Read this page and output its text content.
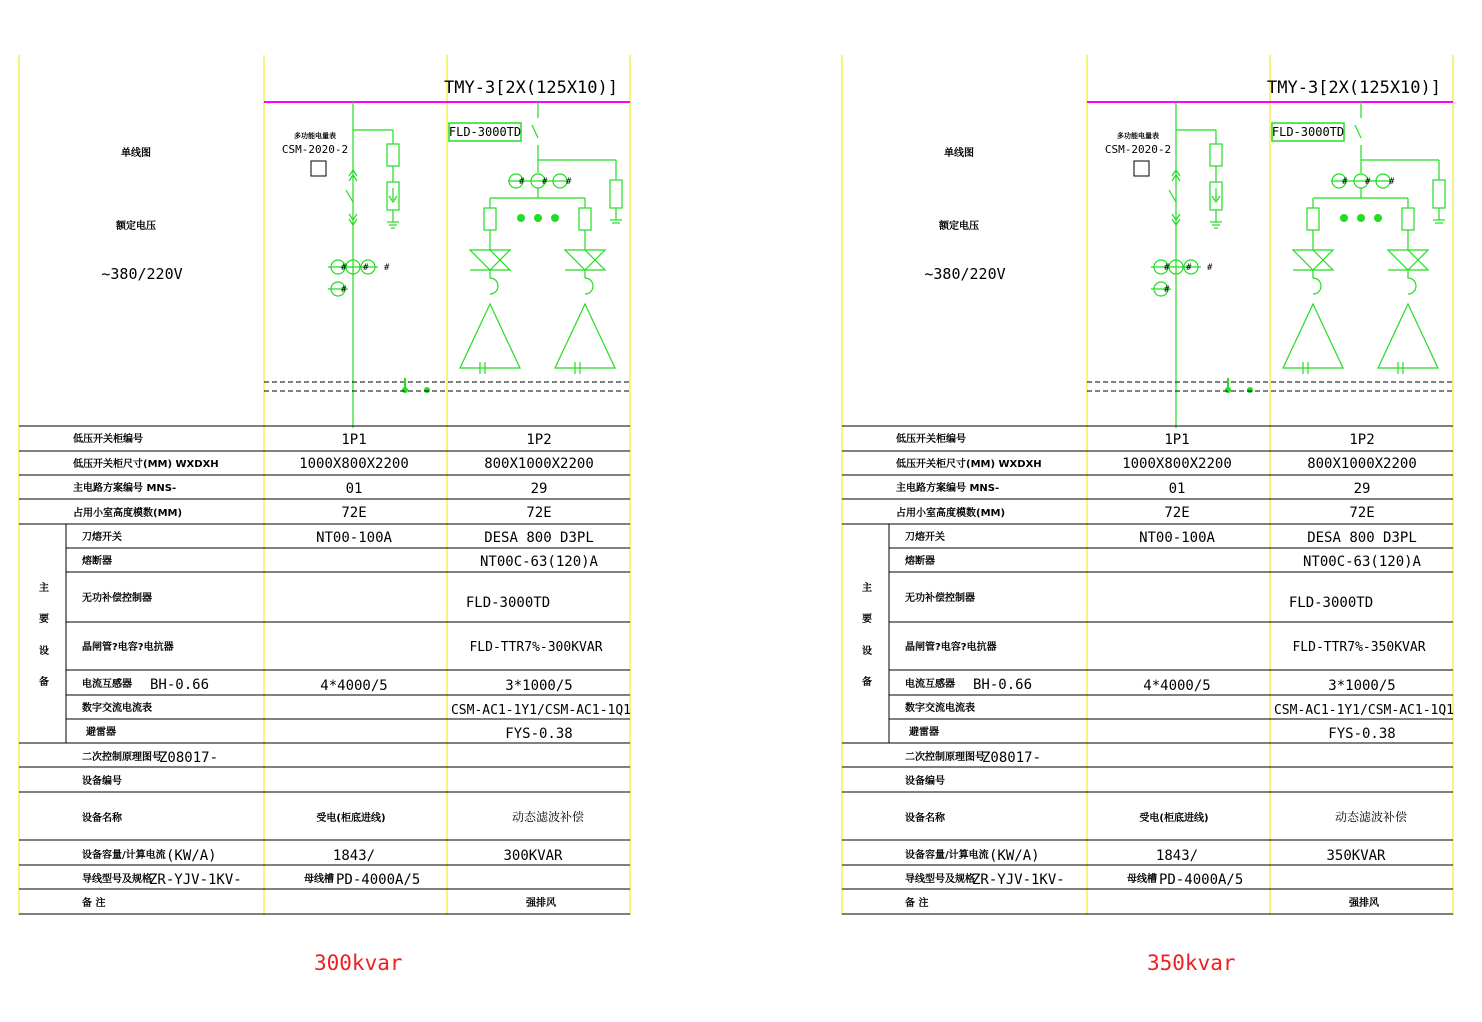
TMY-3[2X(125X10)]
单线图
额定电压
~380/220V
多功能电量表
CSM-2020-2
# # #
#
FLD-3000TD
# # #
低压开关柜编号
低压开关柜尺寸(MM) WXDXH
主电路方案编号 MNS-
占用小室高度模数(MM)
主
要
设
备
刀熔开关
熔断器
无功补偿控制器
晶闸管?电容?电抗器
电流互感器 BH-0.66
数字交流电流表
避雷器
二次控制原理图号
Z08017-
设备编号
设备名称
设备容量/计算电流 (KW/A)
导线型号及规格
ZR-YJV-1KV-
备 注
1P1
1000X800X2200
01
72E
NT00-100A
4*4000/5
1843/
受电(柜底进线)
母线槽 PD-4000A/5
1P2
800X1000X2200
29
72E
DESA 800 D3PL
NT00C-63(120)A
FLD-3000TD
FLD-TTR7%-300KVAR
3*1000/5
CSM-AC1-1Y1/CSM-AC1-1Q1
FYS-0.38
300KVAR
动态滤波补偿
强排风
TMY-3[2X(125X10)]
单线图
额定电压
~380/220V
多功能电量表
CSM-2020-2
# # #
#
FLD-3000TD
# # #
低压开关柜编号
低压开关柜尺寸(MM) WXDXH
主电路方案编号 MNS-
占用小室高度模数(MM)
主
要
设
备
刀熔开关
熔断器
无功补偿控制器
晶闸管?电容?电抗器
电流互感器 BH-0.66
数字交流电流表
避雷器
二次控制原理图号
Z08017-
设备编号
设备名称
设备容量/计算电流 (KW/A)
导线型号及规格
ZR-YJV-1KV-
备 注
1P1
1000X800X2200
01
72E
NT00-100A
4*4000/5
1843/
受电(柜底进线)
母线槽 PD-4000A/5
1P2
800X1000X2200
29
72E
DESA 800 D3PL
NT00C-63(120)A
FLD-3000TD
FLD-TTR7%-350KVAR
3*1000/5
CSM-AC1-1Y1/CSM-AC1-1Q1
FYS-0.38
350KVAR
动态滤波补偿
强排风
300kvar	350kvar
